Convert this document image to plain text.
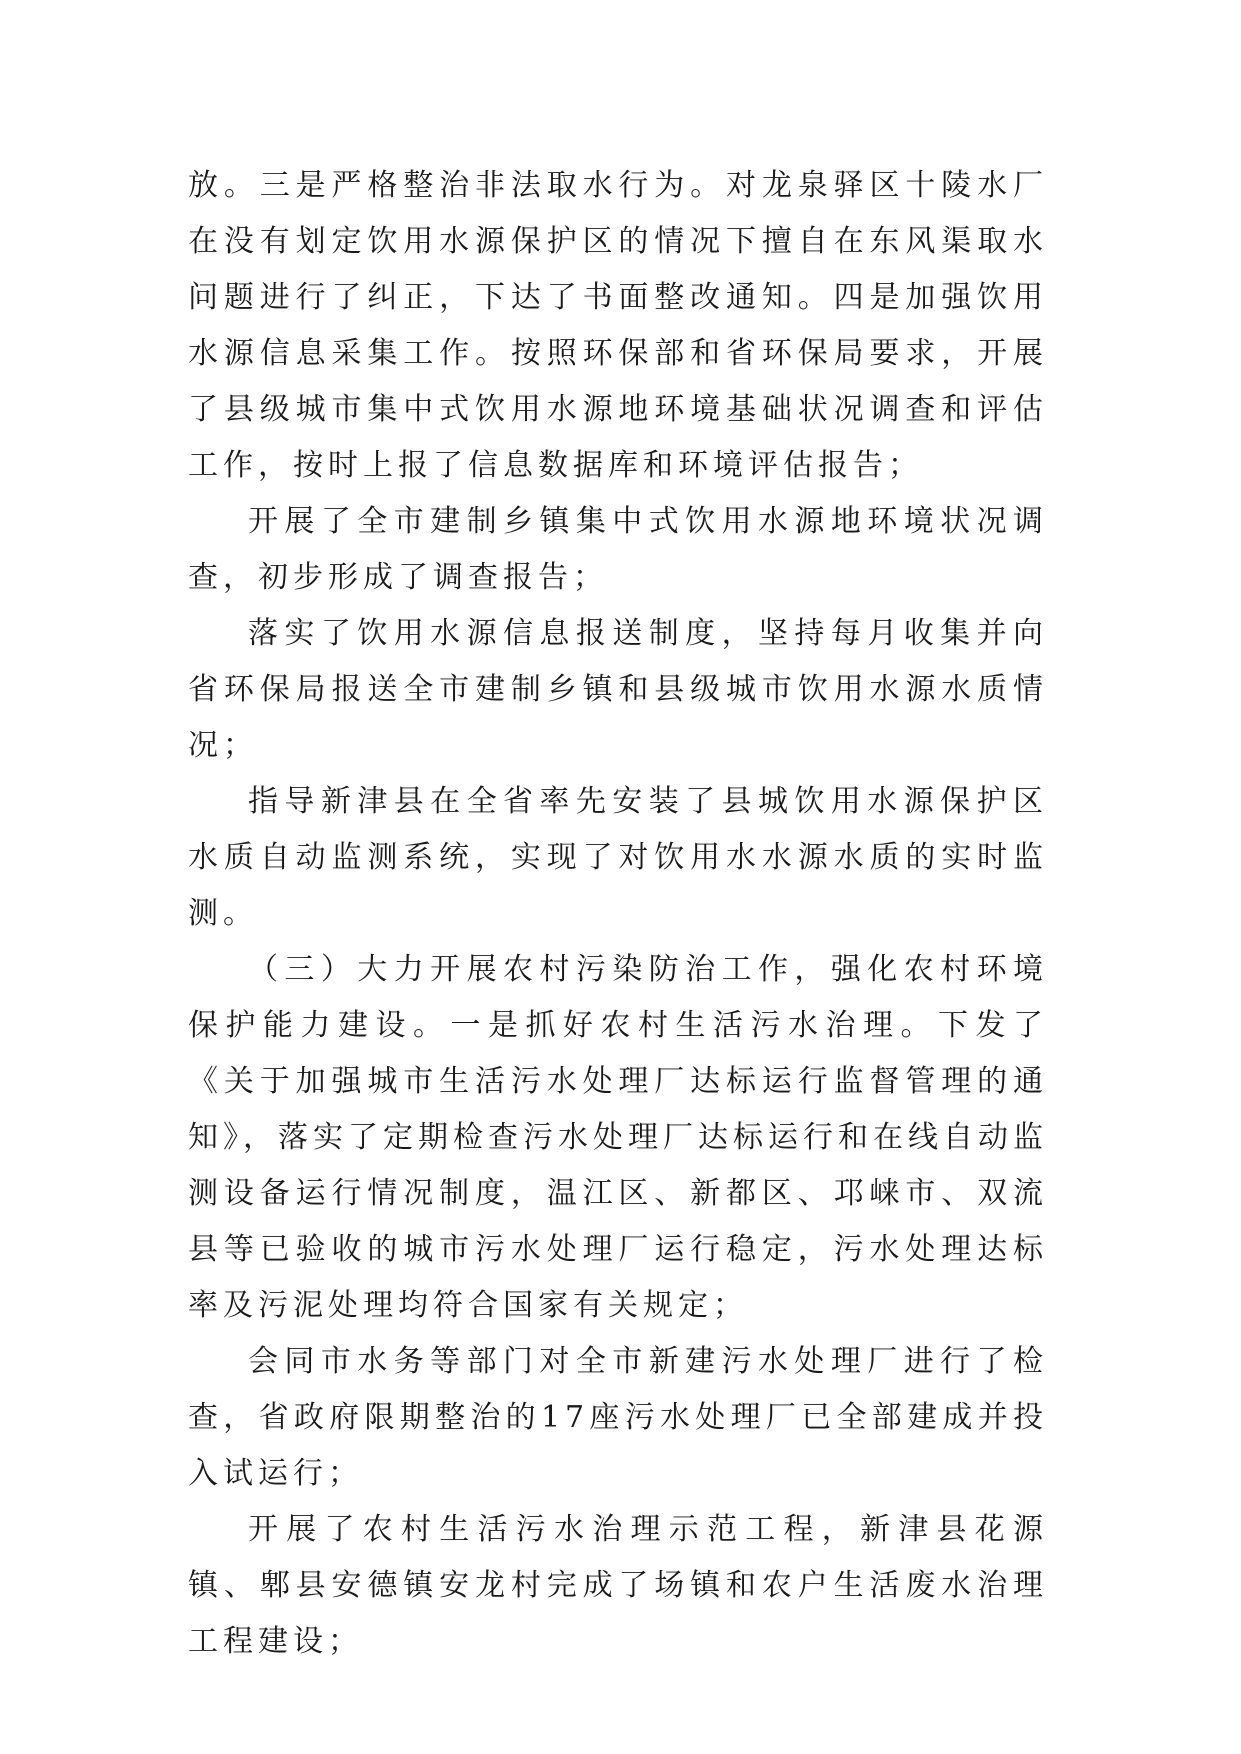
放。三是严格整治非法取水行为。对龙泉驿区十陵水厂在没有划定饮用水源保护区的情况下擅自在东风渠取水问题进行了纠正，下达了书面整改通知。四是加强饮用水源信息采集工作。按照环保部和省环保局要求，开展了县级城市集中式饮用水源地环境基础状况调查和评估工作，按时上报了信息数据库和环境评估报告；

开展了全市建制乡镇集中式饮用水源地环境状况调查，初步形成了调查报告；

落实了饮用水源信息报送制度，坚持每月收集并向省环保局报送全市建制乡镇和县级城市饮用水源水质情况；

指导新津县在全省率先安装了县城饮用水源保护区水质自动监测系统，实现了对饮用水水源水质的实时监测。

（三）大力开展农村污染防治工作，强化农村环境保护能力建设。一是抓好农村生活污水治理。下发了《关于加强城市生活污水处理厂达标运行监督管理的通知》，落实了定期检查污水处理厂达标运行和在线自动监测设备运行情况制度，温江区、新都区、邛崃市、双流县等已验收的城市污水处理厂运行稳定，污水处理达标率及污泥处理均符合国家有关规定；

会同市水务等部门对全市新建污水处理厂进行了检查，省政府限期整治的17座污水处理厂已全部建成并投入试运行；

开展了农村生活污水治理示范工程，新津县花源镇、郫县安德镇安龙村完成了场镇和农户生活废水治理工程建设；
